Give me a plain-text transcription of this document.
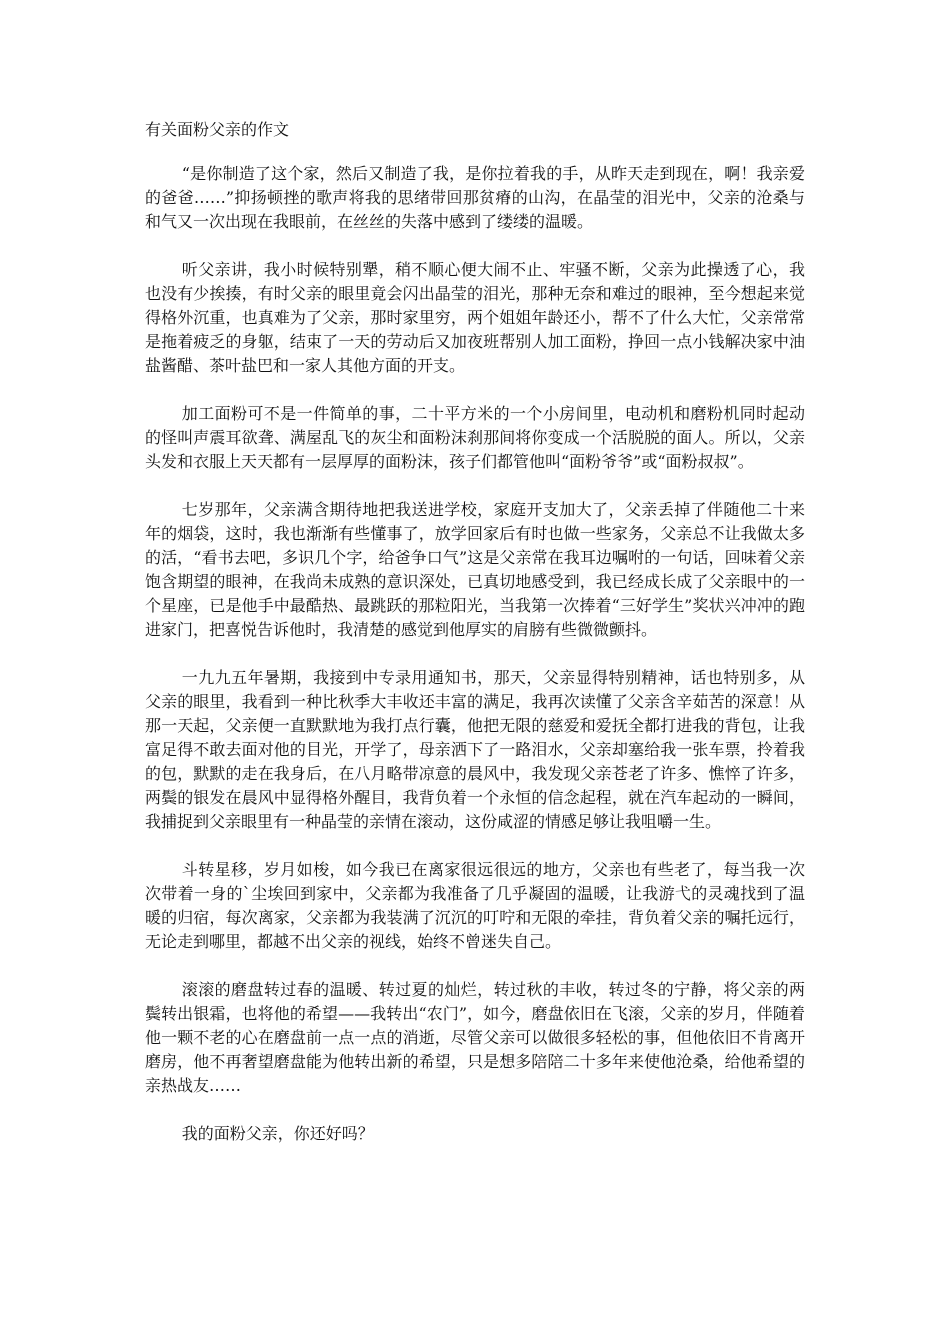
有关面粉父亲的作文

“是你制造了这个家，然后又制造了我，是你拉着我的手，从昨天走到现在，啊！我亲爱的爸爸……”抑扬顿挫的歌声将我的思绪带回那贫瘠的山沟，在晶莹的泪光中，父亲的沧桑与和气又一次出现在我眼前，在丝丝的失落中感到了缕缕的温暖。

听父亲讲，我小时候特别犟，稍不顺心便大闹不止、牢骚不断，父亲为此操透了心，我也没有少挨揍，有时父亲的眼里竟会闪出晶莹的泪光，那种无奈和难过的眼神，至今想起来觉得格外沉重，也真难为了父亲，那时家里穷，两个姐姐年龄还小，帮不了什么大忙，父亲常常是拖着疲乏的身躯，结束了一天的劳动后又加夜班帮别人加工面粉，挣回一点小钱解决家中油盐酱醋、茶叶盐巴和一家人其他方面的开支。

加工面粉可不是一件简单的事，二十平方米的一个小房间里，电动机和磨粉机同时起动的怪叫声震耳欲聋、满屋乱飞的灰尘和面粉沫刹那间将你变成一个活脱脱的面人。所以，父亲头发和衣服上天天都有一层厚厚的面粉沫，孩子们都管他叫“面粉爷爷”或“面粉叔叔”。

七岁那年，父亲满含期待地把我送进学校，家庭开支加大了，父亲丢掉了伴随他二十来年的烟袋，这时，我也渐渐有些懂事了，放学回家后有时也做一些家务，父亲总不让我做太多的活，“看书去吧，多识几个字，给爸争口气”这是父亲常在我耳边嘱咐的一句话，回味着父亲饱含期望的眼神，在我尚未成熟的意识深处，已真切地感受到，我已经成长成了父亲眼中的一个星座，已是他手中最酷热、最跳跃的那粒阳光，当我第一次捧着“三好学生”奖状兴冲冲的跑进家门，把喜悦告诉他时，我清楚的感觉到他厚实的肩膀有些微微颤抖。

一九九五年暑期，我接到中专录用通知书，那天，父亲显得特别精神，话也特别多，从父亲的眼里，我看到一种比秋季大丰收还丰富的满足，我再次读懂了父亲含辛茹苦的深意！从那一天起，父亲便一直默默地为我打点行囊，他把无限的慈爱和爱抚全都打进我的背包，让我富足得不敢去面对他的目光，开学了，母亲洒下了一路泪水，父亲却塞给我一张车票，拎着我的包，默默的走在我身后，在八月略带凉意的晨风中，我发现父亲苍老了许多、憔悴了许多，两鬓的银发在晨风中显得格外醒目，我背负着一个永恒的信念起程，就在汽车起动的一瞬间，我捕捉到父亲眼里有一种晶莹的亲情在滚动，这份咸涩的情感足够让我咀嚼一生。

斗转星移，岁月如梭，如今我已在离家很远很远的地方，父亲也有些老了，每当我一次次带着一身的`尘埃回到家中，父亲都为我准备了几乎凝固的温暖，让我游弋的灵魂找到了温暖的归宿，每次离家，父亲都为我装满了沉沉的叮咛和无限的牵挂，背负着父亲的嘱托远行，无论走到哪里，都越不出父亲的视线，始终不曾迷失自己。

滚滚的磨盘转过春的温暖、转过夏的灿烂，转过秋的丰收，转过冬的宁静，将父亲的两鬓转出银霜，也将他的希望——我转出“农门”，如今，磨盘依旧在飞滚，父亲的岁月，伴随着他一颗不老的心在磨盘前一点一点的消逝，尽管父亲可以做很多轻松的事，但他依旧不肯离开磨房，他不再奢望磨盘能为他转出新的希望，只是想多陪陪二十多年来使他沧桑，给他希望的亲热战友……

我的面粉父亲，你还好吗？
